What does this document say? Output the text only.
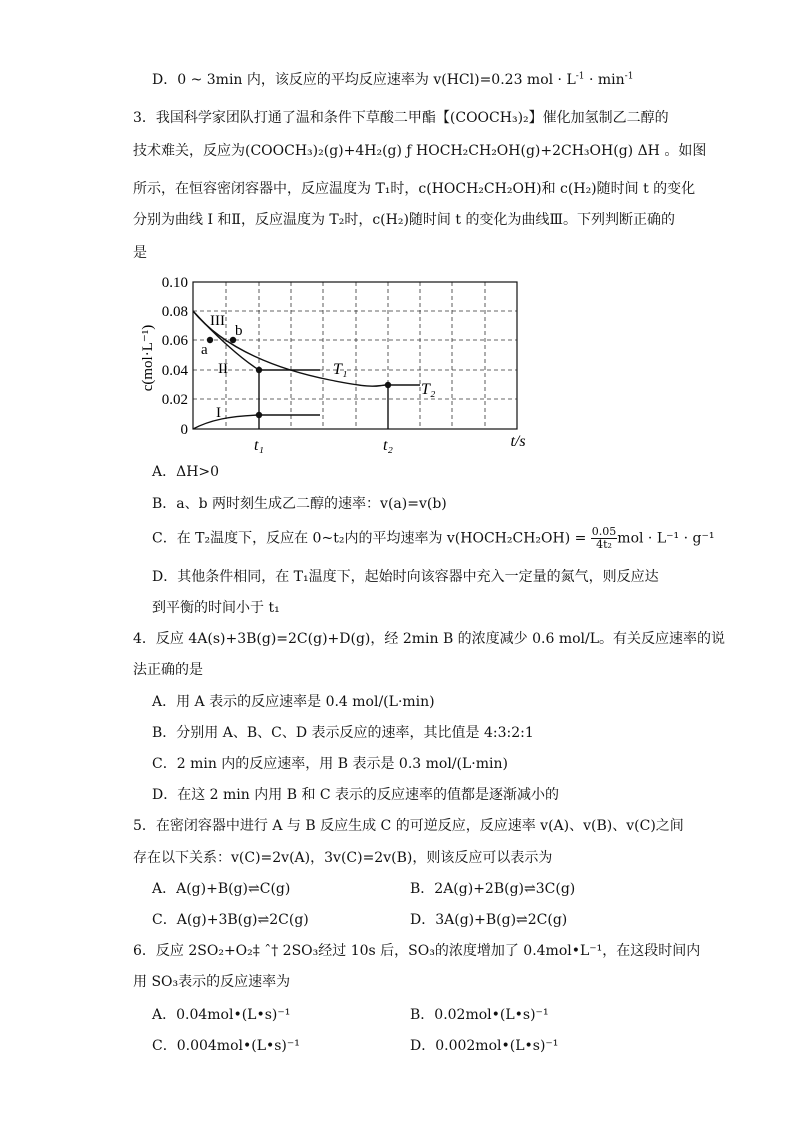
D．0 ~ 3min 内，该反应的平均反应速率为 v(HCl)=0.23 mol · $L^{-1} \cdot \min^{-1}$
3．我国科学家团队打通了温和条件下草酸二甲酯【(COOCH₃)₂】催化加氢制乙二醇的
技术难关，反应为(COOCH₃)₂(g)+4H₂(g) ƒ HOCH₂CH₂OH(g)+2CH₃OH(g) ΔH 。如图
所示，在恒容密闭容器中，反应温度为 T₁时，c(HOCH₂CH₂OH)和 c(H₂)随时间 t 的变化
分别为曲线 I 和Ⅱ，反应温度为 T₂时，c(H₂)随时间 t 的变化为曲线Ⅲ。下列判断正确的
是
0.10
0.08
0.06
0.04
0.02
0
c(mol·L⁻¹)
t₁	t₂	t/s
III
II
I
a
b
T₁
T₂
A．ΔH>0
B．a、b 两时刻生成乙二醇的速率：v(a)=v(b)
C．在 T₂温度下，反应在 0~t₂内的平均速率为 v(HOCH₂CH₂OH) = $\frac{0.05}{\text{4t₂}}$ mol · L⁻¹ · g⁻¹
D．其他条件相同，在 T₁温度下，起始时向该容器中充入一定量的氮气，则反应达
到平衡的时间小于 t₁
4．反应 4A(s)+3B(g)=2C(g)+D(g)，经 2min B 的浓度减少 0.6 mol/L。有关反应速率的说
法正确的是
A．用 A 表示的反应速率是 0.4 mol/(L·min)
B．分别用 A、B、C、D 表示反应的速率，其比值是 4:3:2:1
C．2 min 内的反应速率，用 B 表示是 0.3 mol/(L·min)
D．在这 2 min 内用 B 和 C 表示的反应速率的值都是逐渐减小的
5．在密闭容器中进行 A 与 B 反应生成 C 的可逆反应，反应速率 v(A)、v(B)、v(C)之间
存在以下关系：v(C)=2v(A)，3v(C)=2v(B)，则该反应可以表示为
A．A(g)+B(g)⇌C(g)	B．2A(g)+2B(g)⇌3C(g)
C．A(g)+3B(g)⇌2C(g)	D．3A(g)+B(g)⇌2C(g)
6．反应 2SO₂+O₂‡ ˆ† 2SO₃经过 10s 后，SO₃的浓度增加了 0.4mol•L⁻¹，在这段时间内
用 SO₃表示的反应速率为
A．0.04mol•(L•s)⁻¹	B．0.02mol•(L•s)⁻¹
C．0.004mol•(L•s)⁻¹	D．0.002mol•(L•s)⁻¹
